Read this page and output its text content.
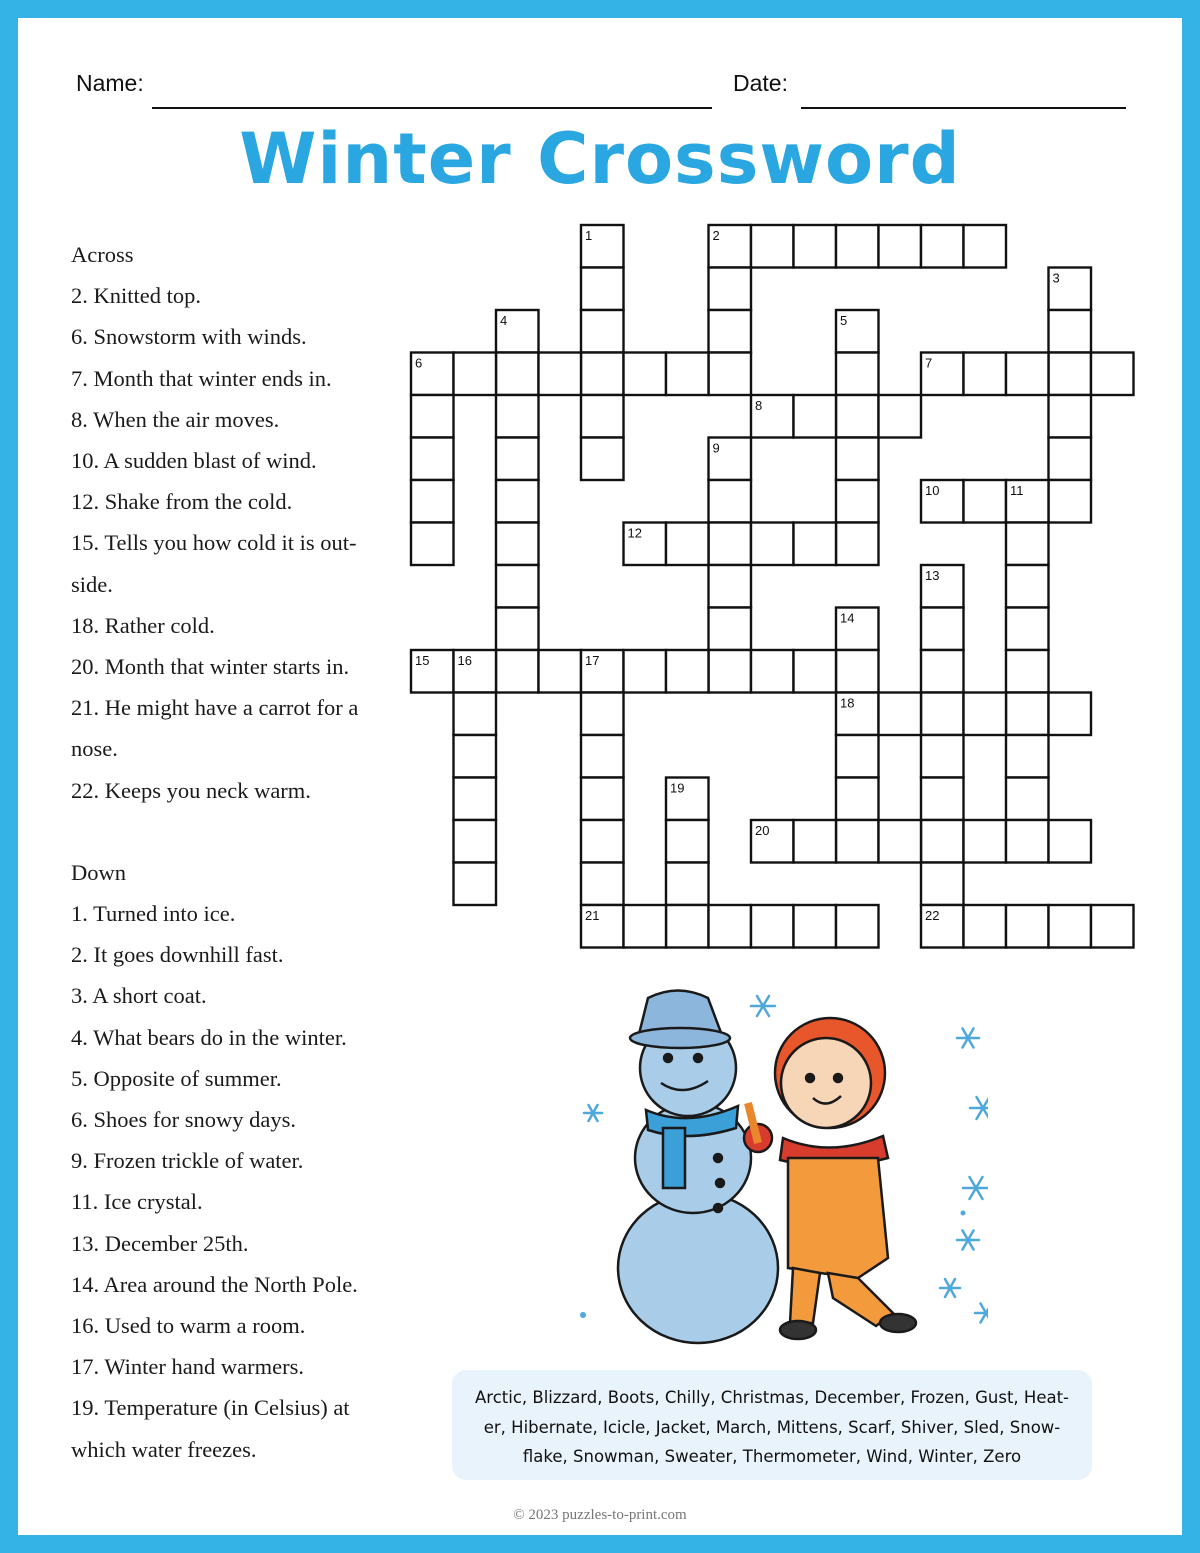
Name:	Date:
Winter Crossword

Across

2. Knitted top.

6. Snowstorm with winds.

7. Month that winter ends in.

8. When the air moves.

10. A sudden blast of wind.

12. Shake from the cold.

15. Tells you how cold it is out-

side.

18. Rather cold.

20. Month that winter starts in.

21. He might have a carrot for a

nose.

22. Keeps you neck warm.

Down

1. Turned into ice.

2. It goes downhill fast.

3. A short coat.

4. What bears do in the winter.

5. Opposite of summer.

6. Shoes for snowy days.

9. Frozen trickle of water.

11. Ice crystal.

13. December 25th.

14. Area around the North Pole.

16. Used to warm a room.

17. Winter hand warmers.

19. Temperature (in Celsius) at

which water freezes.

1	2
3
4	5
6	7
8
9
10	11
12
13
14
18
15 16	17
21
19
20
22
Arctic, Blizzard, Boots, Chilly, Christmas, December, Frozen, Gust, Heat-er, Hibernate, Icicle, Jacket, March, Mittens, Scarf, Shiver, Sled, Snow-flake, Snowman, Sweater, Thermometer, Wind, Winter, Zero
© 2023 puzzles-to-print.com
